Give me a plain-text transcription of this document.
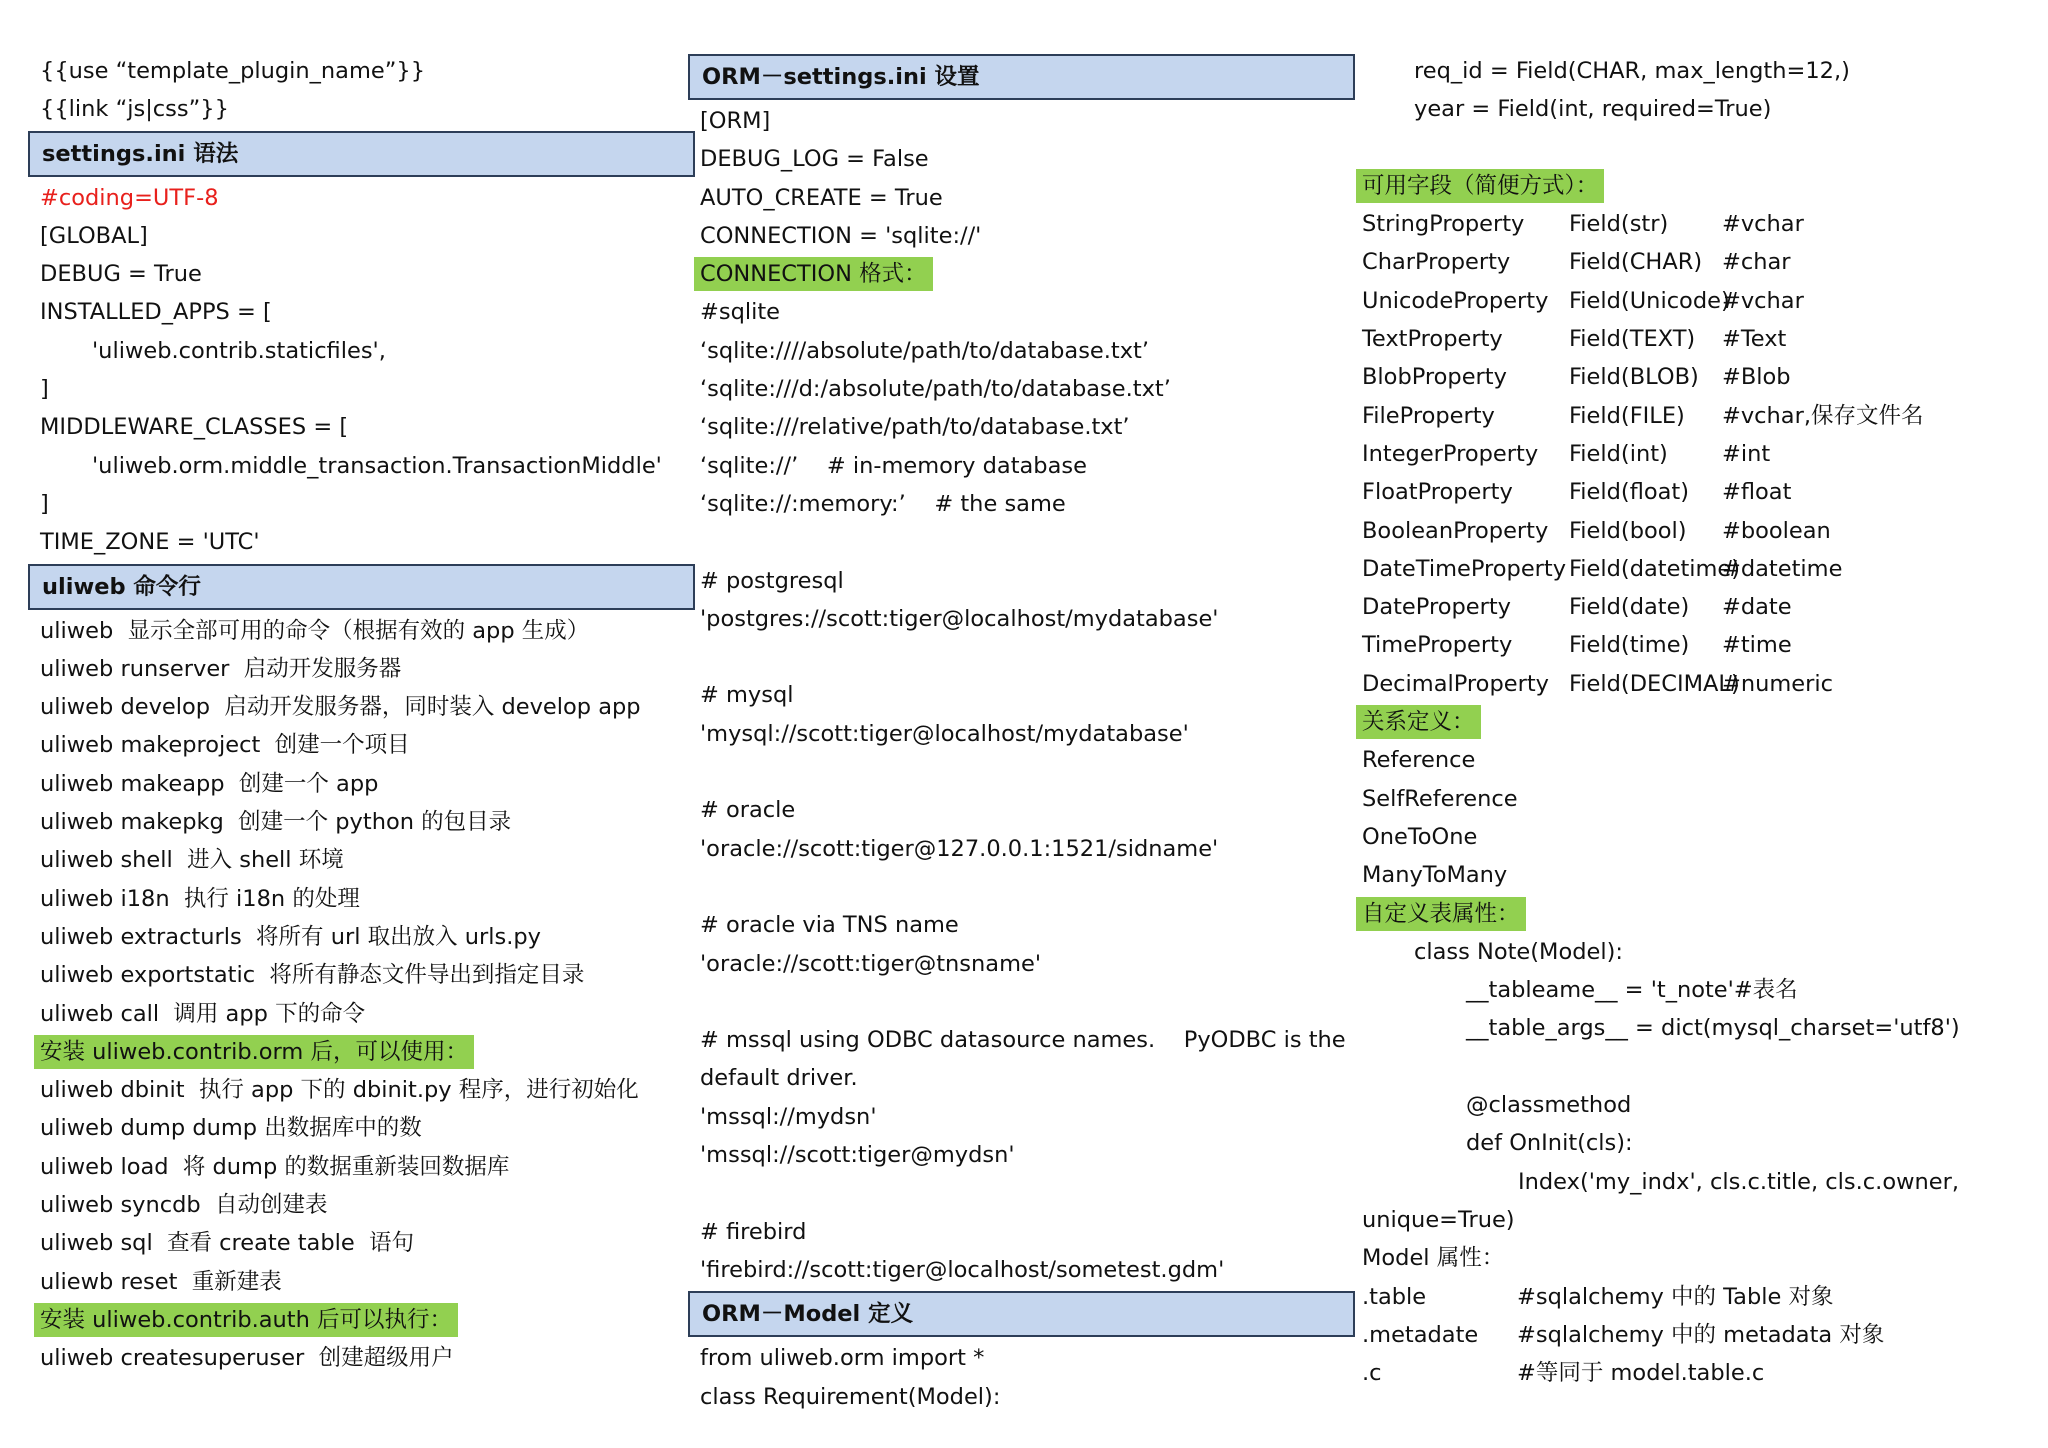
{{use “template_plugin_name”}}
{{link “js|css”}}
settings.ini 语法
#coding=UTF-8
[GLOBAL]
DEBUG = True
INSTALLED_APPS = [
'uliweb.contrib.staticfiles',
]
MIDDLEWARE_CLASSES = [
'uliweb.orm.middle_transaction.TransactionMiddle'
]
TIME_ZONE = 'UTC'
uliweb 命令行
uliweb  显示全部可用的命令（根据有效的 app 生成）
uliweb runserver  启动开发服务器
uliweb develop  启动开发服务器，同时装入 develop app
uliweb makeproject  创建一个项目
uliweb makeapp  创建一个 app
uliweb makepkg  创建一个 python 的包目录
uliweb shell  进入 shell 环境
uliweb i18n  执行 i18n 的处理
uliweb extracturls  将所有 url 取出放入 urls.py
uliweb exportstatic  将所有静态文件导出到指定目录
uliweb call  调用 app 下的命令
安装 uliweb.contrib.orm 后，可以使用：
uliweb dbinit  执行 app 下的 dbinit.py 程序，进行初始化
uliweb dump dump 出数据库中的数
uliweb load  将 dump 的数据重新装回数据库
uliweb syncdb  自动创建表
uliweb sql  查看 create table  语句
uliewb reset  重新建表
安装 uliweb.contrib.auth 后可以执行：
uliweb createsuperuser  创建超级用户
ORM－settings.ini 设置
[ORM]
DEBUG_LOG = False
AUTO_CREATE = True
CONNECTION = 'sqlite://'
CONNECTION 格式：
#sqlite
‘sqlite:////absolute/path/to/database.txt’
‘sqlite:///d:/absolute/path/to/database.txt’
‘sqlite:///relative/path/to/database.txt’
‘sqlite://’    # in-memory database
‘sqlite://:memory:’    # the same
# postgresql
'postgres://scott:tiger@localhost/mydatabase'
# mysql
'mysql://scott:tiger@localhost/mydatabase'
# oracle
'oracle://scott:tiger@127.0.0.1:1521/sidname'
# oracle via TNS name
'oracle://scott:tiger@tnsname'
# mssql using ODBC datasource names.    PyODBC is the
default driver.
'mssql://mydsn'
'mssql://scott:tiger@mydsn'
# firebird
'firebird://scott:tiger@localhost/sometest.gdm'
ORM－Model 定义
from uliweb.orm import *
class Requirement(Model):
req_id = Field(CHAR, max_length=12,)
year = Field(int, required=True)
可用字段（简便方式）：
StringProperty Field(str) #vchar
CharProperty	Field(CHAR) #char
UnicodeProperty Field(Unicode)#vchar
TextProperty	Field(TEXT) #Text
BlobProperty	Field(BLOB) #Blob
FileProperty	Field(FILE) #vchar,保存文件名
IntegerProperty Field(int) #int
FloatProperty Field(float) #float
BooleanProperty Field(bool) #boolean
DateTimeProperty Field(datetime)#datetime
DateProperty	Field(date) #date
TimeProperty	Field(time) #time
DecimalProperty Field(DECIMAL)#numeric
关系定义：
Reference
SelfReference
OneToOne
ManyToMany
自定义表属性：
class Note(Model):
__tableame__ = 't_note'#表名
__table_args__ = dict(mysql_charset='utf8')
@classmethod
def OnInit(cls):
Index('my_indx', cls.c.title, cls.c.owner,
unique=True)
Model 属性：
.table	#sqlalchemy 中的 Table 对象
.metadate #sqlalchemy 中的 metadata 对象
.c	#等同于 model.table.c
